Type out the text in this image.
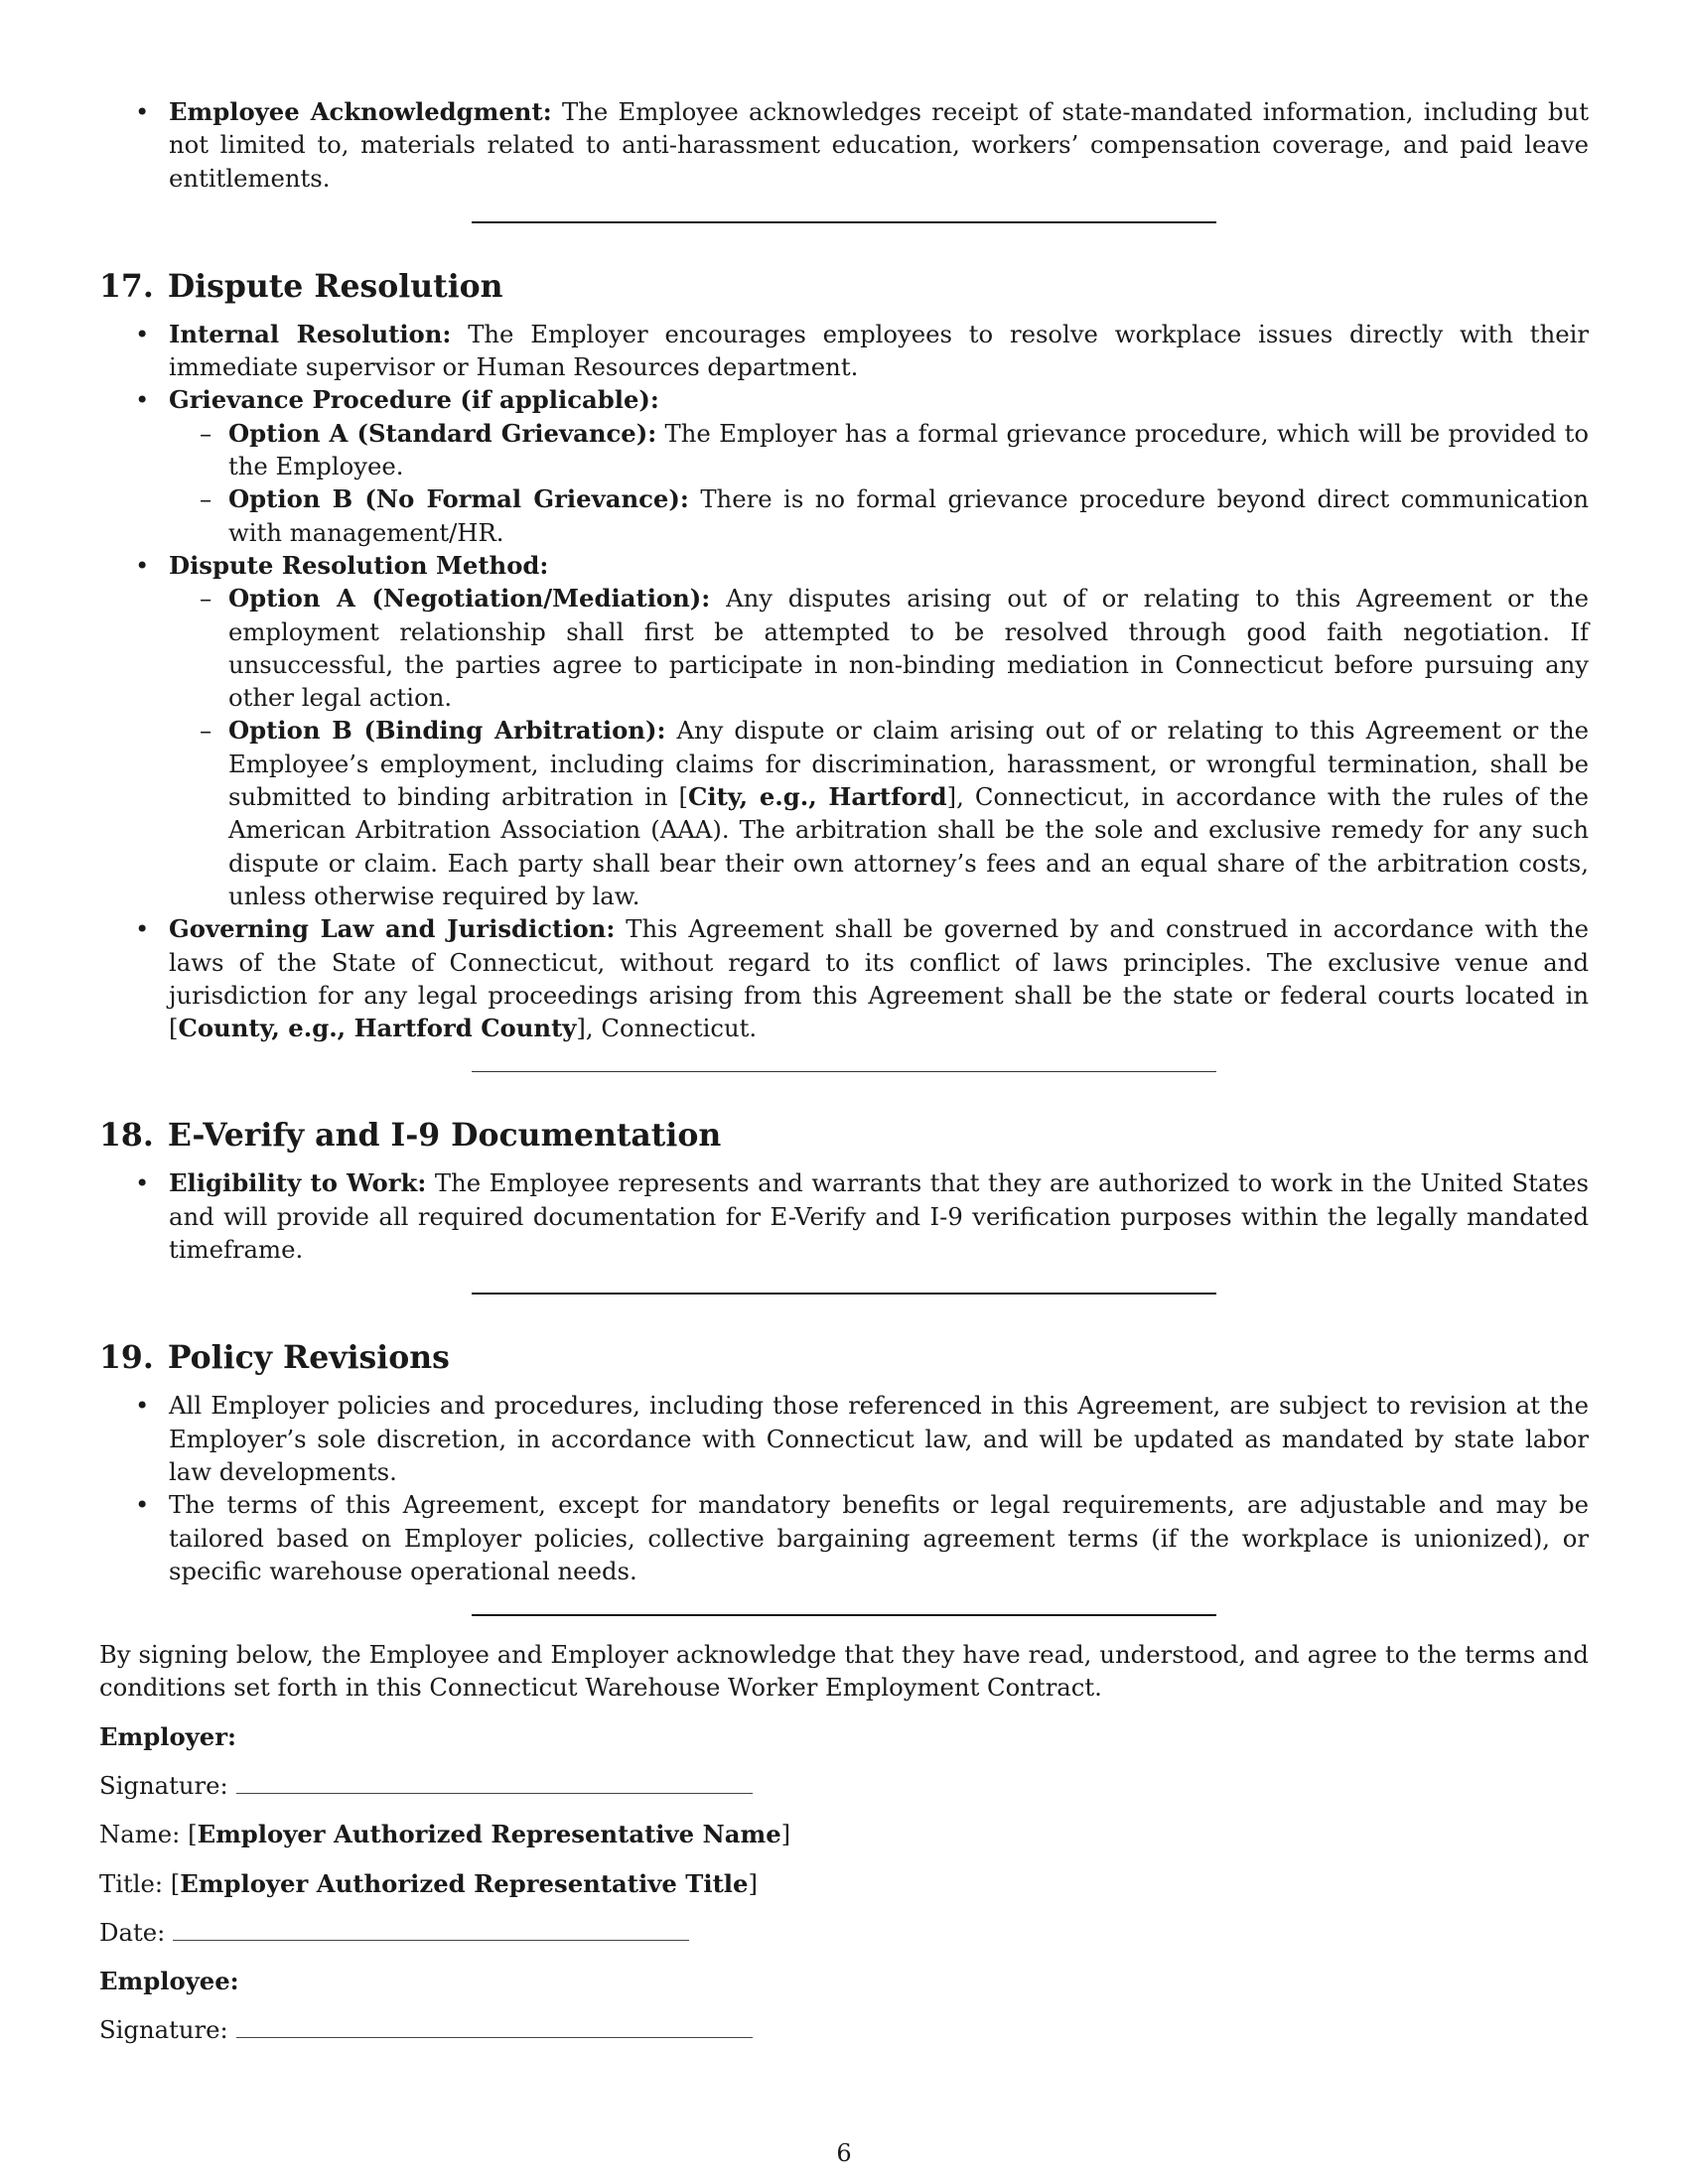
• Employee Acknowledgment: The Employee acknowledges receipt of state-mandated information, including but not limited to, materials related to anti-harassment education, workers’ compensation coverage, and paid leave entitlements.
17. Dispute Resolution
• Internal Resolution: The Employer encourages employees to resolve workplace issues directly with their immediate supervisor or Human Resources department.
• Grievance Procedure (if applicable):
– Option A (Standard Grievance): The Employer has a formal grievance procedure, which will be provided to the Employee.
– Option B (No Formal Grievance): There is no formal grievance procedure beyond direct communication with management/HR.
• Dispute Resolution Method:
– Option A (Negotiation/Mediation): Any disputes arising out of or relating to this Agreement or the employment relationship shall first be attempted to be resolved through good faith negotiation. If unsuccessful, the parties agree to participate in non-binding mediation in Connecticut before pursuing any other legal action.
– Option B (Binding Arbitration): Any dispute or claim arising out of or relating to this Agreement or the Employee’s employment, including claims for discrimination, harassment, or wrongful termination, shall be submitted to binding arbitration in [City, e.g., Hartford], Connecticut, in accordance with the rules of the American Arbitration Association (AAA). The arbitration shall be the sole and exclusive remedy for any such dispute or claim. Each party shall bear their own attorney’s fees and an equal share of the arbitration costs, unless otherwise required by law.
• Governing Law and Jurisdiction: This Agreement shall be governed by and construed in accordance with the laws of the State of Connecticut, without regard to its conflict of laws principles. The exclusive venue and jurisdiction for any legal proceedings arising from this Agreement shall be the state or federal courts located in [County, e.g., Hartford County], Connecticut.
18. E-Verify and I-9 Documentation
• Eligibility to Work: The Employee represents and warrants that they are authorized to work in the United States and will provide all required documentation for E-Verify and I-9 verification purposes within the legally mandated timeframe.
19. Policy Revisions
• All Employer policies and procedures, including those referenced in this Agreement, are subject to revision at the Employer’s sole discretion, in accordance with Connecticut law, and will be updated as mandated by state labor law developments.
• The terms of this Agreement, except for mandatory benefits or legal requirements, are adjustable and may be tailored based on Employer policies, collective bargaining agreement terms (if the workplace is unionized), or specific warehouse operational needs.

By signing below, the Employee and Employer acknowledge that they have read, understood, and agree to the terms and conditions set forth in this Connecticut Warehouse Worker Employment Contract.

Employer:

Signature:

Name: [Employer Authorized Representative Name]

Title: [Employer Authorized Representative Title]

Date:

Employee:

Signature:

6
